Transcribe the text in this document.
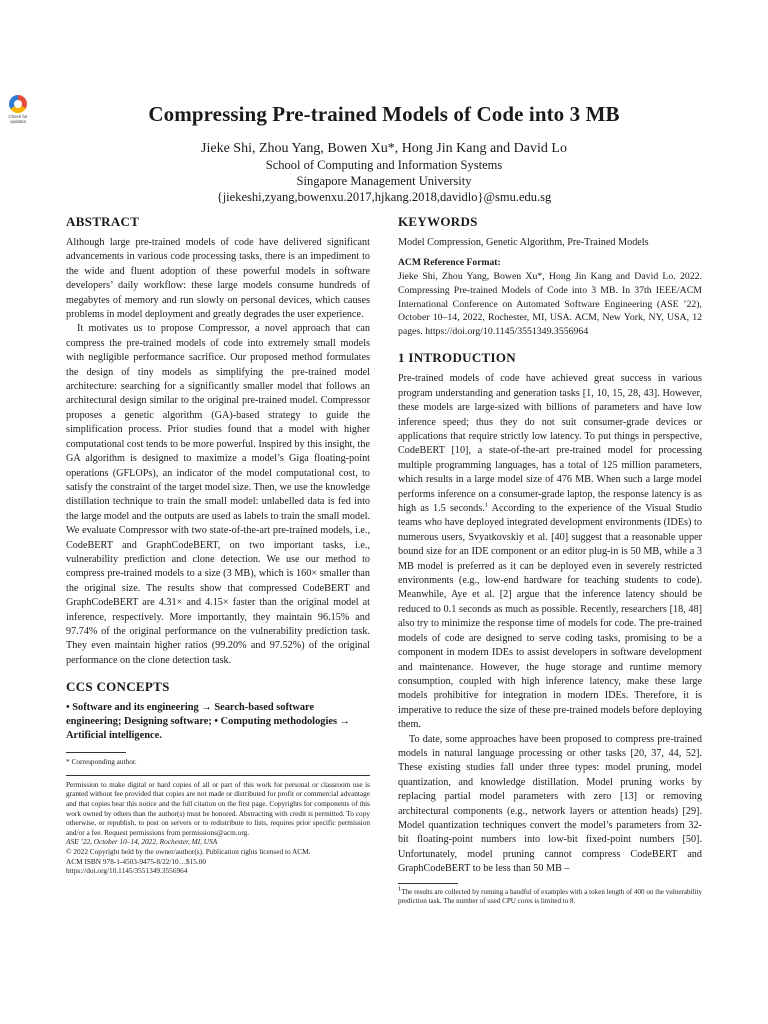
Check for updates	Compressing Pre-trained Models of Code into 3 MB
Jieke Shi, Zhou Yang, Bowen Xu*, Hong Jin Kang and David Lo
School of Computing and Information Systems
Singapore Management University
{jiekeshi,zyang,bowenxu.2017,hjkang.2018,davidlo}@smu.edu.sg
ABSTRACT

Although large pre-trained models of code have delivered significant advancements in various code processing tasks, there is an impediment to the wide and fluent adoption of these powerful models in software developers’ daily workflow: these large models consume hundreds of megabytes of memory and run slowly on personal devices, which causes problems in model deployment and greatly degrades the user experience.

It motivates us to propose Compressor, a novel approach that can compress the pre-trained models of code into extremely small models with negligible performance sacrifice. Our proposed method formulates the design of tiny models as simplifying the pre-trained model architecture: searching for a significantly smaller model that follows an architectural design similar to the original pre-trained model. Compressor proposes a genetic algorithm (GA)-based strategy to guide the simplification process. Prior studies found that a model with higher computational cost tends to be more powerful. Inspired by this insight, the GA algorithm is designed to maximize a model’s Giga floating-point operations (GFLOPs), an indicator of the model computational cost, to satisfy the constraint of the target model size. Then, we use the knowledge distillation technique to train the small model: unlabelled data is fed into the large model and the outputs are used as labels to train the small model. We evaluate Compressor with two state-of-the-art pre-trained models, i.e., CodeBERT and GraphCodeBERT, on two important tasks, i.e., vulnerability prediction and clone detection. We use our method to compress pre-trained models to a size (3 MB), which is 160× smaller than the original size. The results show that compressed CodeBERT and GraphCodeBERT are 4.31× and 4.15× faster than the original model at inference, respectively. More importantly, they maintain 96.15% and 97.74% of the original performance on the vulnerability prediction task. They even maintain higher ratios (99.20% and 97.52%) of the original performance on the clone detection task.

CCS CONCEPTS

• Software and its engineering → Search-based software engineering; Designing software; • Computing methodologies → Artificial intelligence.

* Corresponding author.

Permission to make digital or hard copies of all or part of this work for personal or classroom use is granted without fee provided that copies are not made or distributed for profit or commercial advantage and that copies bear this notice and the full citation on the first page. Copyrights for components of this work owned by others than the author(s) must be honored. Abstracting with credit is permitted. To copy otherwise, or republish, to post on servers or to redistribute to lists, requires prior specific permission and/or a fee. Request permissions from permissions@acm.org.

ASE ’22, October 10–14, 2022, Rochester, MI, USA

© 2022 Copyright held by the owner/author(s). Publication rights licensed to ACM.

ACM ISBN 978-1-4503-9475-8/22/10…$15.00

https://doi.org/10.1145/3551349.3556964

KEYWORDS

Model Compression, Genetic Algorithm, Pre-Trained Models

ACM Reference Format:

Jieke Shi, Zhou Yang, Bowen Xu*, Hong Jin Kang and David Lo. 2022. Compressing Pre-trained Models of Code into 3 MB. In 37th IEEE/ACM International Conference on Automated Software Engineering (ASE ’22), October 10–14, 2022, Rochester, MI, USA. ACM, New York, NY, USA, 12 pages. https://doi.org/10.1145/3551349.3556964

1 INTRODUCTION

Pre-trained models of code have achieved great success in various program understanding and generation tasks [1, 10, 15, 28, 43]. However, these models are large-sized with billions of parameters and have low inference speed; thus they do not suit consumer-grade devices or applications that require strictly low latency. To put things in perspective, CodeBERT [10], a state-of-the-art pre-trained model for processing multiple programming languages, has a total of 125 million parameters, which results in a large model size of 476 MB. When such a large model performs inference on a consumer-grade laptop, the response latency is as high as 1.5 seconds.$^1$ According to the experience of the Visual Studio teams who have deployed integrated development environments (IDEs) to numerous users, Svyatkovskiy et al. [40] suggest that a reasonable upper bound size for an IDE component or an editor plug-in is 50 MB, while a 3 MB model is preferred as it can be deployed even in severely restricted environments (e.g., low-end hardware for teaching students to code). Meanwhile, Aye et al. [2] argue that the inference latency should be reduced to 0.1 seconds as much as possible. Recently, researchers [18, 48] also try to minimize the response time of models for code. The pre-trained models of code are designed to serve coding tasks, promising to be a component in modern IDEs to assist developers in software development and maintenance. However, the huge storage and runtime memory consumption, coupled with high inference latency, make these large models prohibitive for integration in modern IDEs. Therefore, it is imperative to reduce the size of these pre-trained models before deploying them.

To date, some approaches have been proposed to compress pre-trained models in natural language processing or other tasks [20, 37, 44, 52]. These existing studies fall under three types: model pruning, model quantization, and knowledge distillation. Model pruning works by replacing partial model parameters with zero [13] or removing architectural components (e.g., network layers or attention heads) [29]. Model quantization techniques convert the model’s parameters from 32-bit floating-point numbers into low-bit fixed-point numbers [50]. Unfortunately, model pruning cannot compress CodeBERT and GraphCodeBERT to be less than 50 MB –

$^1$The results are collected by running a handful of examples with a token length of 400 on the vulnerability prediction task. The number of used CPU cores is limited to 8.
